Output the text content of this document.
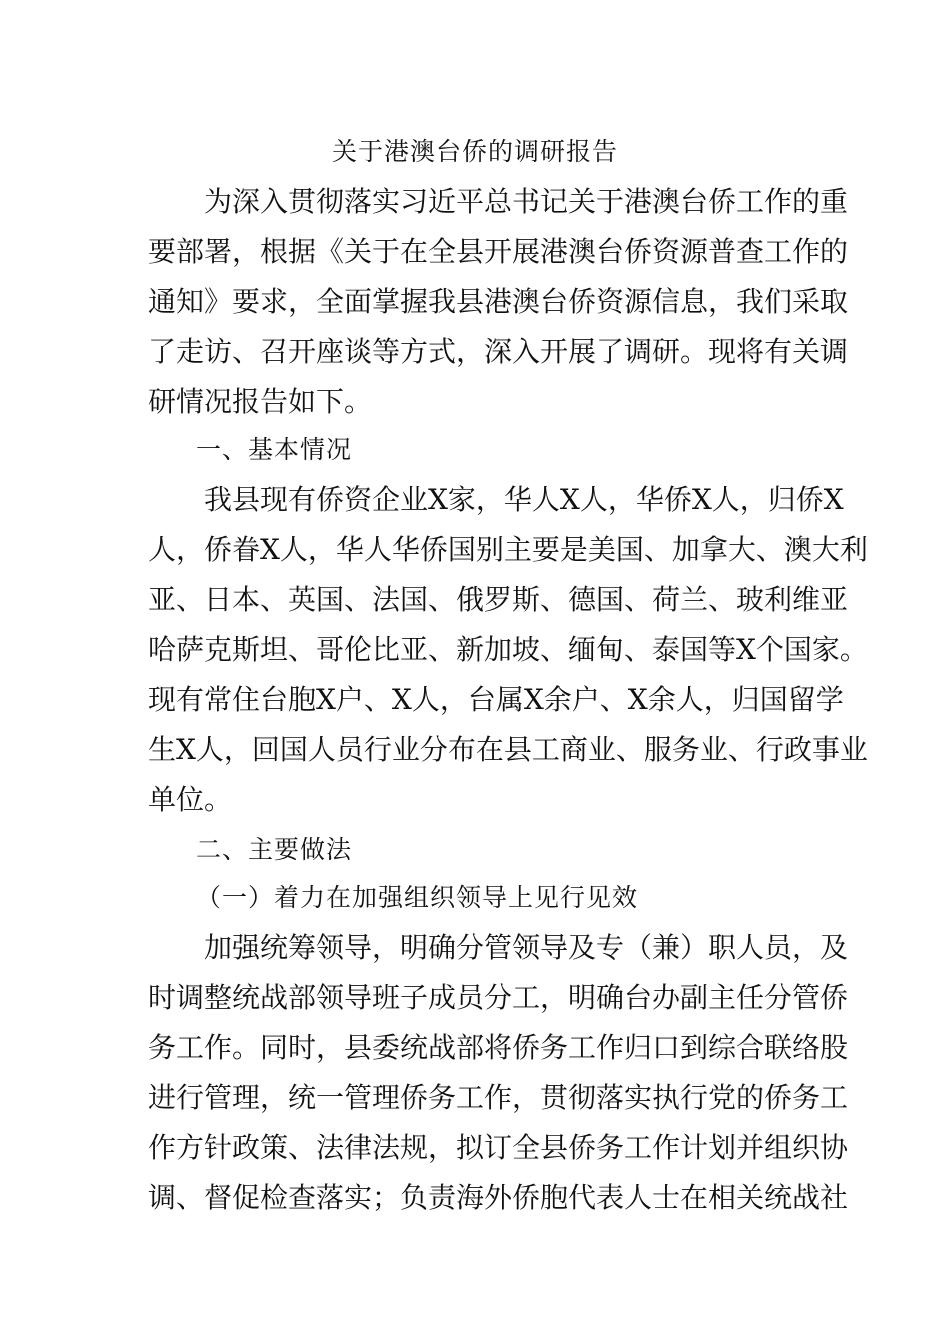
关于港澳台侨的调研报告
为深入贯彻落实习近平总书记关于港澳台侨工作的重
要部署，根据《关于在全县开展港澳台侨资源普查工作的
通知》要求，全面掌握我县港澳台侨资源信息，我们采取
了走访、召开座谈等方式，深入开展了调研。现将有关调
研情况报告如下。
一、基本情况
我县现有侨资企业X家，华人X人，华侨X人，归侨X
人，侨眷X人，华人华侨国别主要是美国、加拿大、澳大利
亚、日本、英国、法国、俄罗斯、德国、荷兰、玻利维亚
哈萨克斯坦、哥伦比亚、新加坡、缅甸、泰国等X个国家。
现有常住台胞X户、X人，台属X余户、X余人，归国留学
生X人，回国人员行业分布在县工商业、服务业、行政事业
单位。
二、主要做法
（一）着力在加强组织领导上见行见效
加强统筹领导，明确分管领导及专（兼）职人员，及
时调整统战部领导班子成员分工，明确台办副主任分管侨
务工作。同时，县委统战部将侨务工作归口到综合联络股
进行管理，统一管理侨务工作，贯彻落实执行党的侨务工
作方针政策、法律法规，拟订全县侨务工作计划并组织协
调、督促检查落实；负责海外侨胞代表人士在相关统战社
